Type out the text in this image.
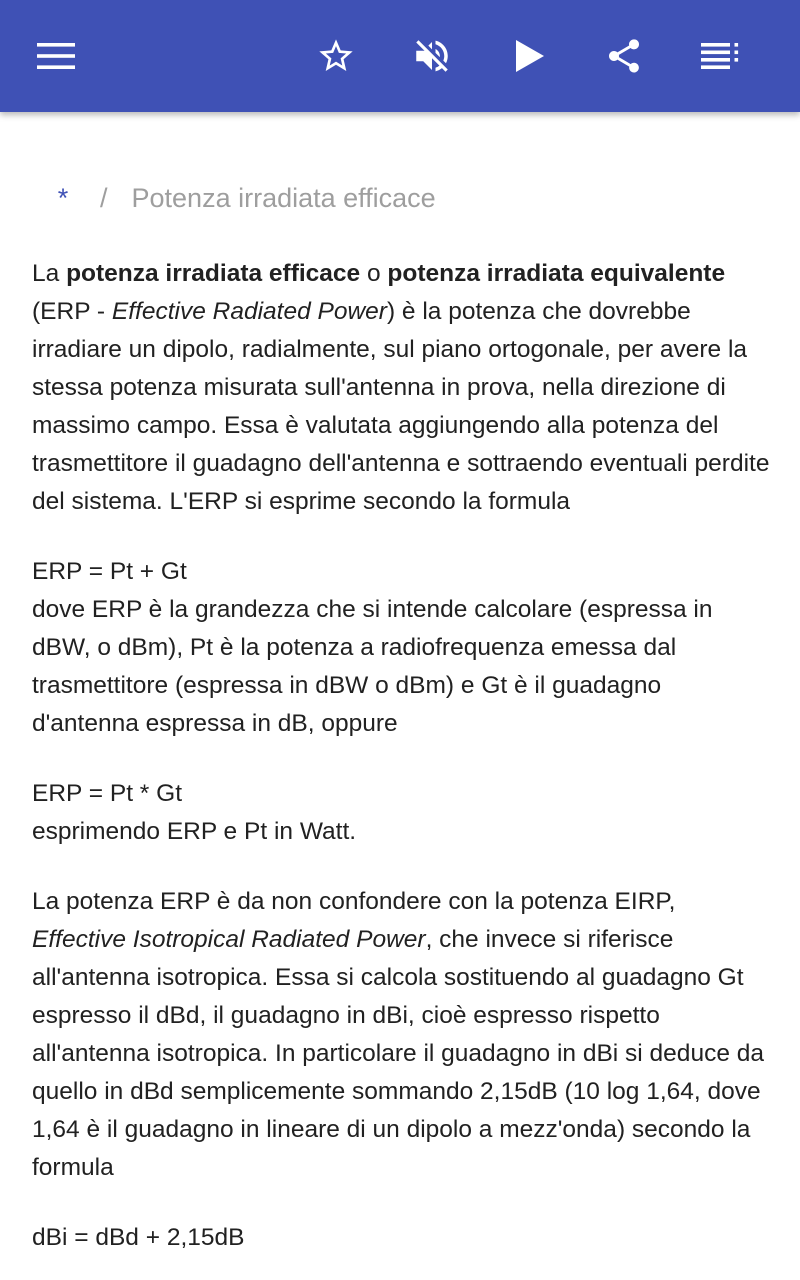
* / Potenza irradiata efficace

La potenza irradiata efficace o potenza irradiata equivalente (ERP - Effective Radiated Power) è la potenza che dovrebbe irradiare un dipolo, radialmente, sul piano ortogonale, per avere la stessa potenza misurata sull'antenna in prova, nella direzione di massimo campo. Essa è valutata aggiungendo alla potenza del trasmettitore il guadagno dell'antenna e sottraendo eventuali perdite del sistema. L'ERP si esprime secondo la formula

ERP = Pt + Gt
dove ERP è la grandezza che si intende calcolare (espressa in dBW, o dBm), Pt è la potenza a radiofrequenza emessa dal trasmettitore (espressa in dBW o dBm) e Gt è il guadagno d'antenna espressa in dB, oppure

ERP = Pt * Gt
esprimendo ERP e Pt in Watt.

La potenza ERP è da non confondere con la potenza EIRP, Effective Isotropical Radiated Power, che invece si riferisce all'antenna isotropica. Essa si calcola sostituendo al guadagno Gt espresso il dBd, il guadagno in dBi, cioè espresso rispetto all'antenna isotropica. In particolare il guadagno in dBi si deduce da quello in dBd semplicemente sommando 2,15dB (10 log 1,64, dove 1,64 è il guadagno in lineare di un dipolo a mezz'onda) secondo la formula

dBi = dBd + 2,15dB
